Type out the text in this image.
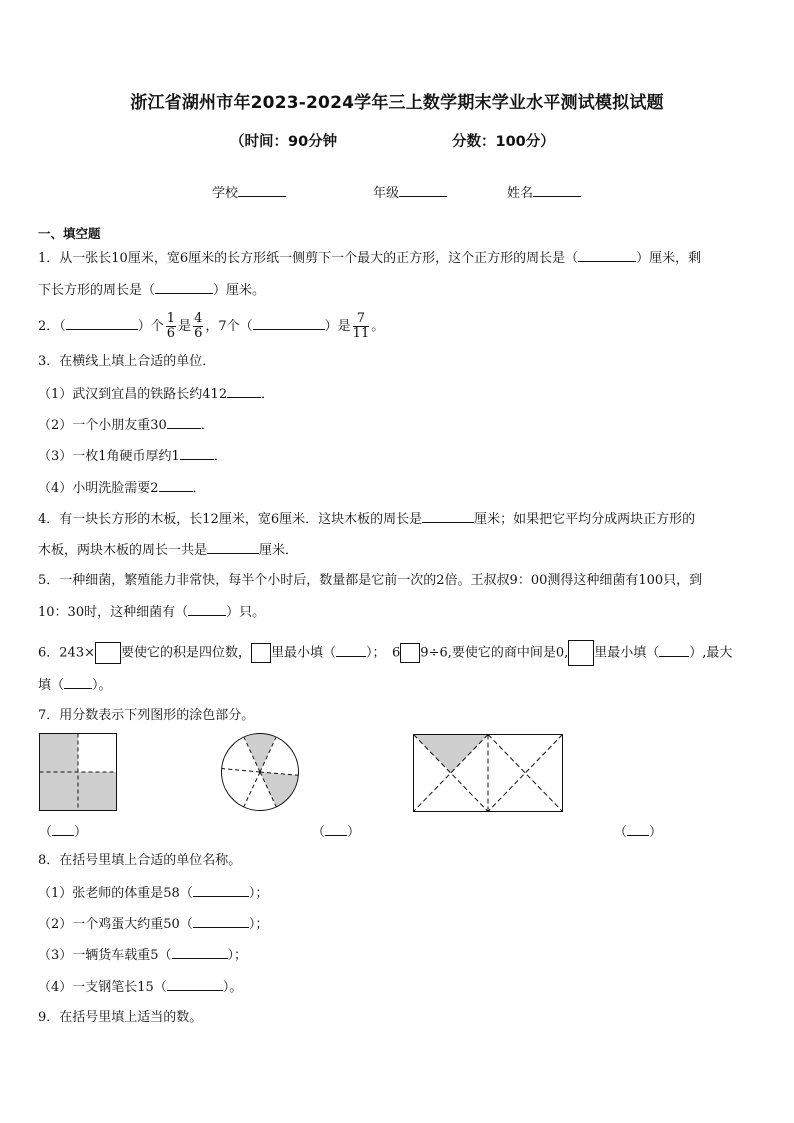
浙江省湖州市年2023-2024学年三上数学期末学业水平测试模拟试题
（时间：90分钟	分数：100分）
学校	年级	姓名
一、填空题
1．从一张长10厘米，宽6厘米的长方形纸一侧剪下一个最大的正方形，这个正方形的周长是（	）厘米，剩
下长方形的周长是（	）厘米。
2．（	）个 $\frac{1}{6}$ 是 $\frac{4}{6}$ ，7个（	）是 $\frac{7}{11}$ 。
3．在横线上填上合适的单位．
（1）武汉到宜昌的铁路长约412	．
（2）一个小朋友重30	．
（3）一枚1角硬币厚约1	．
（4）小明洗脸需要2	．
4．有一块长方形的木板，长12厘米，宽6厘米．这块木板的周长是	厘米；如果把它平均分成两块正方形的
木板，两块木板的周长一共是	厘米．
5．一种细菌，繁殖能力非常快，每半个小时后，数量都是它前一次的2倍。王叔叔9：00测得这种细菌有100只，到
10：30时，这种细菌有（	）只。
6．243× 要使它的积是四位数， 里最小填（ ）；　6 9÷6,要使它的商中间是0, 里最小填（ ）,最大
填（ ）。
7．用分数表示下列图形的涂色部分。
（ ）	（ ）	（ ）
8．在括号里填上合适的单位名称。
（1）张老师的体重是58（	）；
（2）一个鸡蛋大约重50（	）；
（3）一辆货车载重5（	）；
（4）一支钢笔长15（	）。
9．在括号里填上适当的数。
